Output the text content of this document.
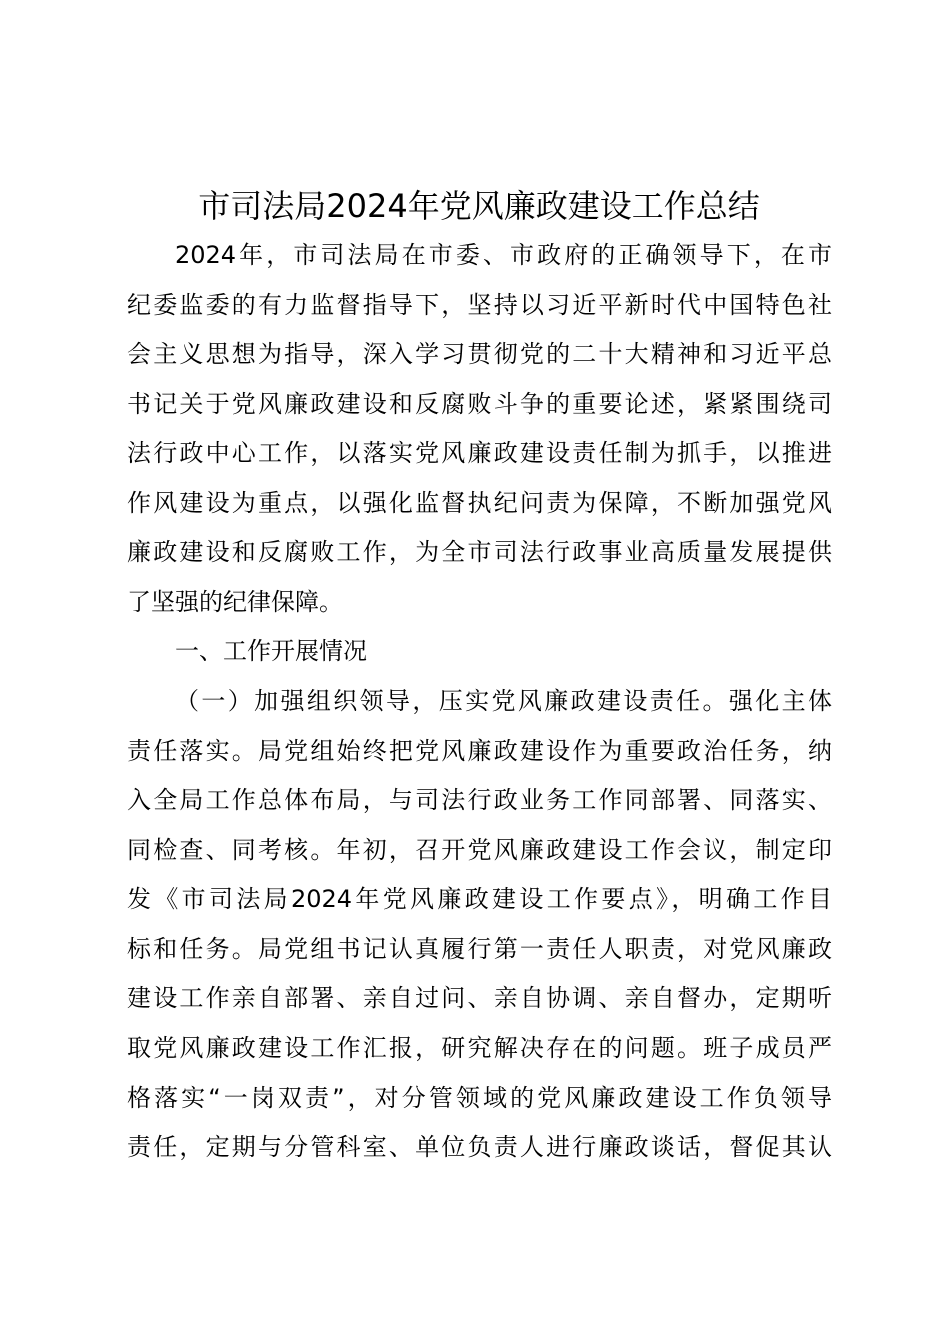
市司法局2024年党风廉政建设工作总结

2024年，市司法局在市委、市政府的正确领导下，在市

纪委监委的有力监督指导下，坚持以习近平新时代中国特色社

会主义思想为指导，深入学习贯彻党的二十大精神和习近平总

书记关于党风廉政建设和反腐败斗争的重要论述，紧紧围绕司

法行政中心工作，以落实党风廉政建设责任制为抓手，以推进

作风建设为重点，以强化监督执纪问责为保障，不断加强党风

廉政建设和反腐败工作，为全市司法行政事业高质量发展提供

了坚强的纪律保障。

一、工作开展情况

（一）加强组织领导，压实党风廉政建设责任。强化主体

责任落实。局党组始终把党风廉政建设作为重要政治任务，纳

入全局工作总体布局，与司法行政业务工作同部署、同落实、

同检查、同考核。年初，召开党风廉政建设工作会议，制定印

发《市司法局2024年党风廉政建设工作要点》，明确工作目

标和任务。局党组书记认真履行第一责任人职责，对党风廉政

建设工作亲自部署、亲自过问、亲自协调、亲自督办，定期听

取党风廉政建设工作汇报，研究解决存在的问题。班子成员严

格落实“一岗双责”，对分管领域的党风廉政建设工作负领导

责任，定期与分管科室、单位负责人进行廉政谈话，督促其认
